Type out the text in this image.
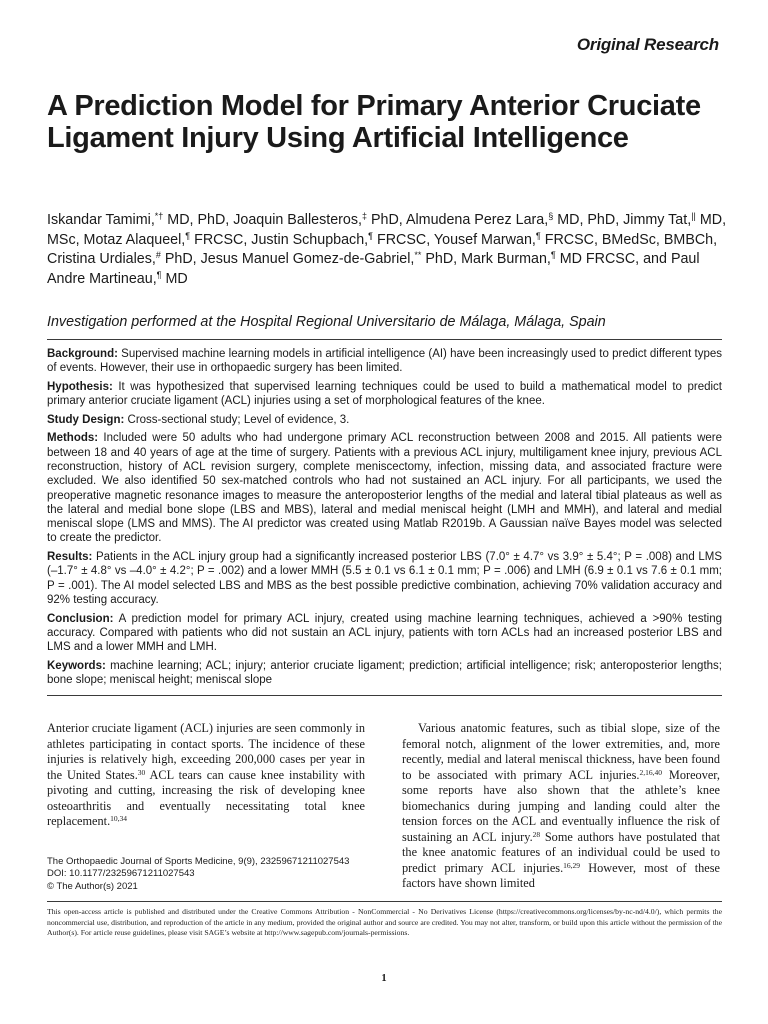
Original Research
A Prediction Model for Primary Anterior Cruciate Ligament Injury Using Artificial Intelligence
Iskandar Tamimi,*† MD, PhD, Joaquin Ballesteros,‡ PhD, Almudena Perez Lara,§ MD, PhD, Jimmy Tat,|| MD, MSc, Motaz Alaqueel,¶ FRCSC, Justin Schupbach,¶ FRCSC, Yousef Marwan,¶ FRCSC, BMedSc, BMBCh, Cristina Urdiales,# PhD, Jesus Manuel Gomez-de-Gabriel,** PhD, Mark Burman,¶ MD FRCSC, and Paul Andre Martineau,¶ MD
Investigation performed at the Hospital Regional Universitario de Málaga, Málaga, Spain

Background: Supervised machine learning models in artificial intelligence (AI) have been increasingly used to predict different types of events. However, their use in orthopaedic surgery has been limited.

Hypothesis: It was hypothesized that supervised learning techniques could be used to build a mathematical model to predict primary anterior cruciate ligament (ACL) injuries using a set of morphological features of the knee.

Study Design: Cross-sectional study; Level of evidence, 3.

Methods: Included were 50 adults who had undergone primary ACL reconstruction between 2008 and 2015. All patients were between 18 and 40 years of age at the time of surgery. Patients with a previous ACL injury, multiligament knee injury, previous ACL reconstruction, history of ACL revision surgery, complete meniscectomy, infection, missing data, and associated fracture were excluded. We also identified 50 sex-matched controls who had not sustained an ACL injury. For all participants, we used the preoperative magnetic resonance images to measure the anteroposterior lengths of the medial and lateral tibial plateaus as well as the lateral and medial bone slope (LBS and MBS), lateral and medial meniscal height (LMH and MMH), and lateral and medial meniscal slope (LMS and MMS). The AI predictor was created using Matlab R2019b. A Gaussian naïve Bayes model was selected to create the predictor.

Results: Patients in the ACL injury group had a significantly increased posterior LBS (7.0° ± 4.7° vs 3.9° ± 5.4°; P = .008) and LMS (–1.7° ± 4.8° vs –4.0° ± 4.2°; P = .002) and a lower MMH (5.5 ± 0.1 vs 6.1 ± 0.1 mm; P = .006) and LMH (6.9 ± 0.1 vs 7.6 ± 0.1 mm; P = .001). The AI model selected LBS and MBS as the best possible predictive combination, achieving 70% validation accuracy and 92% testing accuracy.

Conclusion: A prediction model for primary ACL injury, created using machine learning techniques, achieved a >90% testing accuracy. Compared with patients who did not sustain an ACL injury, patients with torn ACLs had an increased posterior LBS and LMS and a lower MMH and LMH.

Keywords: machine learning; ACL; injury; anterior cruciate ligament; prediction; artificial intelligence; risk; anteroposterior lengths; bone slope; meniscal height; meniscal slope

Anterior cruciate ligament (ACL) injuries are seen commonly in athletes participating in contact sports. The incidence of these injuries is relatively high, exceeding 200,000 cases per year in the United States.$^{30}$ ACL tears can cause knee instability with pivoting and cutting, increasing the risk of developing knee osteoarthritis and eventually necessitating total knee replacement.$^{10,34}$
Various anatomic features, such as tibial slope, size of the femoral notch, alignment of the lower extremities, and, more recently, medial and lateral meniscal thickness, have been found to be associated with primary ACL injuries.$^{2,16,40}$ Moreover, some reports have also shown that the athlete’s knee biomechanics during jumping and landing could alter the tension forces on the ACL and eventually influence the risk of sustaining an ACL injury.$^{28}$ Some authors have postulated that the knee anatomic features of an individual could be used to predict primary ACL injuries.$^{16,29}$ However, most of these factors have shown limited
The Orthopaedic Journal of Sports Medicine, 9(9), 23259671211027543
DOI: 10.1177/23259671211027543
© The Author(s) 2021
This open-access article is published and distributed under the Creative Commons Attribution - NonCommercial - No Derivatives License (https://creativecommons.org/licenses/by-nc-nd/4.0/), which permits the noncommercial use, distribution, and reproduction of the article in any medium, provided the original author and source are credited. You may not alter, transform, or build upon this article without the permission of the Author(s). For article reuse guidelines, please visit SAGE’s website at http://www.sagepub.com/journals-permissions.
1
